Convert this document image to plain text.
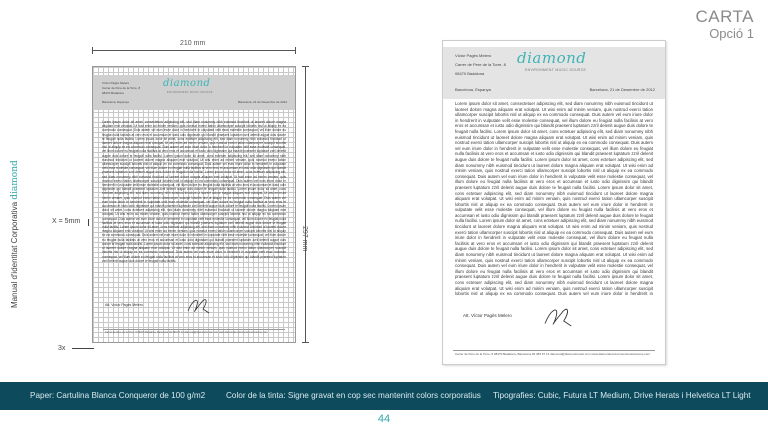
CARTA
Opció 1
Manual d'identitat Corporativa diamond
210 mm
297 mm
X = 5mm
3x
Víctor Pagès Melero
Carrer de Pere de la Torre, 8
08470 Badalona
Barcelona, Espanya
diamond
ENVIRONMENT MUSIC SOURCE
Barcelona, 21 de Desembre de 2012
Lorem ipsum dolor sit amet, consectetuer adipiscing elit, sed diam nonummy nibh euismod tincidunt ut laoreet dolore magna aliquam erat volutpat. Ut wisi enim ad minim veniam, quis nostrud exerci tation ullamcorper suscipit lobortis nisl ut aliquip ex ea commodo consequat. Duis autem vel eum iriure dolor in hendrerit in vulputate velit esse molestie consequat, vel illum dolore eu feugiat nulla facilisis at vero eros et accumsan et iusto odio dignissim qui blandit praesent luptatum zzril delenit augue duis dolore te feugait nulla facilisi. Lorem ipsum dolor sit amet, cons ectetuer adipiscing elit, sed diam nonummy nibh euismod tincidunt ut laoreet dolore magna aliquam erat volutpat. Ut wisi enim ad minim veniam, quis nostrud exerci tation ullamcorper suscipit lobortis nisl ut aliquip ex ea commodo consequat. Duis autem vel eum iriure dolor in hendrerit in vulputate velit esse molestie consequat, vel illum dolore eu feugiat nulla facilisis at vero eros et accumsan et iusto odio dignissim qui blandit praesent luptatum zzril delenit augue duis dolore te feugait nulla facilisi. Lorem ipsum dolor sit amet, cons ectetuer adipiscing elit, sed diam nonummy nibh euismod tincidunt ut laoreet dolore magna aliquam erat volutpat. Ut wisi enim ad minim veniam, quis nostrud exerci tation ullamcorper suscipit lobortis nisl ut aliquip ex ea commodo consequat. Duis autem vel eum iriure dolor in hendrerit in vulputate velit esse molestie consequat, vel illum dolore eu feugiat nulla facilisis at vero eros et accumsan et iusto odio dignissim qui blandit praesent luptatum zzril delenit augue duis dolore te feugait nulla facilisi. Lorem ipsum dolor sit amet, cons ectetuer adipiscing elit, sed diam nonummy nibh euismod tincidunt ut laoreet dolore magna aliquam erat volutpat. Ut wisi enim ad minim veniam, quis nostrud exerci tation ullamcorper suscipit lobortis nisl ut aliquip ex ea commodo consequat. Duis autem vel eum iriure dolor in hendrerit in vulputate velit esse molestie consequat, vel illum dolore eu feugiat nulla facilisis at vero eros et accumsan et iusto odio dignissim qui blandit praesent luptatum zzril delenit augue duis dolore te feugait nulla facilisi. Lorem ipsum dolor sit amet, cons ectetuer adipiscing elit, sed diam nonummy nibh euismod tincidunt ut laoreet dolore magna aliquam erat volutpat. Ut wisi enim ad minim veniam, quis nostrud exerci tation ullamcorper suscipit lobortis nisl ut aliquip ex ea commodo consequat. Duis autem vel eum iriure dolor in hendrerit in vulputate velit esse molestie consequat, vel illum dolore eu feugiat nulla facilisis at vero eros et accumsan et iusto odio dignissim qui blandit praesent luptatum zzril delenit augue duis dolore te feugait nulla facilisi. Lorem ipsum dolor sit amet, cons ectetuer adipiscing elit, sed diam nonummy nibh euismod tincidunt ut laoreet dolore magna aliquam erat volutpat. Ut wisi enim ad minim veniam, quis nostrud exerci tation ullamcorper suscipit lobortis nisl ut aliquip ex ea commodo consequat. Duis autem vel eum iriure dolor in hendrerit in vulputate velit esse molestie consequat, vel illum dolore eu feugiat nulla facilisis at vero eros et accumsan et iusto odio dignissim qui blandit praesent luptatum zzril delenit augue duis dolore te feugait nulla facilisi. Lorem ipsum dolor sit amet, cons ectetuer adipiscing elit, sed diam nonummy nibh euismod tincidunt ut laoreet dolore magna aliquam erat volutpat. Ut wisi enim ad minim veniam, quis nostrud exerci tation ullamcorper suscipit lobortis nisl ut aliquip ex ea commodo consequat. Duis autem vel eum iriure dolor in hendrerit in vulputate velit esse molestie consequat, vel illum dolore eu feugiat nulla facilisis at vero eros et accumsan et iusto odio dignissim qui blandit praesent luptatum zzril delenit augue duis dolore te feugait nulla facilisi. Lorem ipsum dolor sit amet, cons ectetuer adipiscing elit, sed diam nonummy nibh euismod tincidunt ut laoreet dolore magna aliquam erat volutpat. Ut wisi enim ad minim veniam, quis nostrud exerci tation ullamcorper suscipit lobortis nisl ut aliquip ex ea commodo consequat. Duis autem vel eum iriure dolor in hendrerit in vulputate velit esse molestie consequat, vel illum dolore eu feugiat nulla facilisis at vero eros et accumsan et iusto odio dignissim qui blandit praesent luptatum zzril delenit augue duis dolore te feugait nulla facilisi.
Att. Víctor Pagès Melero
Carrer de Pere de la Torre, 8 08470 Badalona, Barcelona 93 383 57 12 diamond@diamondmusic.com www.diamondenvironmentmusicsource.com
Víctor Pagès Melero
Carrer de Pere de la Torre, 8
08470 Badalona
Barcelona, Espanya
diamond
ENVIRONMENT MUSIC SOURCE
Barcelona, 21 de Desembre de 2012
Lorem ipsum dolor sit amet, consectetuer adipiscing elit, sed diam nonummy nibh euismod tincidunt ut laoreet dolore magna aliquam erat volutpat. Ut wisi enim ad minim veniam, quis nostrud exerci tation ullamcorper suscipit lobortis nisl ut aliquip ex ea commodo consequat. Duis autem vel eum iriure dolor in hendrerit in vulputate velit esse molestie consequat, vel illum dolore eu feugiat nulla facilisis at vero eros et accumsan et iusto odio dignissim qui blandit praesent luptatum zzril delenit augue duis dolore te feugait nulla facilisi. Lorem ipsum dolor sit amet, cons ectetuer adipiscing elit, sed diam nonummy nibh euismod tincidunt ut laoreet dolore magna aliquam erat volutpat. Ut wisi enim ad minim veniam, quis nostrud exerci tation ullamcorper suscipit lobortis nisl ut aliquip ex ea commodo consequat. Duis autem vel eum iriure dolor in hendrerit in vulputate velit esse molestie consequat, vel illum dolore eu feugiat nulla facilisis at vero eros et accumsan et iusto odio dignissim qui blandit praesent luptatum zzril delenit augue duis dolore te feugait nulla facilisi. Lorem ipsum dolor sit amet, cons ectetuer adipiscing elit, sed diam nonummy nibh euismod tincidunt ut laoreet dolore magna aliquam erat volutpat. Ut wisi enim ad minim veniam, quis nostrud exerci tation ullamcorper suscipit lobortis nisl ut aliquip ex ea commodo consequat. Duis autem vel eum iriure dolor in hendrerit in vulputate velit esse molestie consequat, vel illum dolore eu feugiat nulla facilisis at vero eros et accumsan et iusto odio dignissim qui blandit praesent luptatum zzril delenit augue duis dolore te feugait nulla facilisi. Lorem ipsum dolor sit amet, cons ectetuer adipiscing elit, sed diam nonummy nibh euismod tincidunt ut laoreet dolore magna aliquam erat volutpat. Ut wisi enim ad minim veniam, quis nostrud exerci tation ullamcorper suscipit lobortis nisl ut aliquip ex ea commodo consequat. Duis autem vel eum iriure dolor in hendrerit in vulputate velit esse molestie consequat, vel illum dolore eu feugiat nulla facilisis at vero eros et accumsan et iusto odio dignissim qui blandit praesent luptatum zzril delenit augue duis dolore te feugait nulla facilisi. Lorem ipsum dolor sit amet, cons ectetuer adipiscing elit, sed diam nonummy nibh euismod tincidunt ut laoreet dolore magna aliquam erat volutpat. Ut wisi enim ad minim veniam, quis nostrud exerci tation ullamcorper suscipit lobortis nisl ut aliquip ex ea commodo consequat. Duis autem vel eum iriure dolor in hendrerit in vulputate velit esse molestie consequat, vel illum dolore eu feugiat nulla facilisis at vero eros et accumsan et iusto odio dignissim qui blandit praesent luptatum zzril delenit augue duis dolore te feugait nulla facilisi. Lorem ipsum dolor sit amet, cons ectetuer adipiscing elit, sed diam nonummy nibh euismod tincidunt ut laoreet dolore magna aliquam erat volutpat. Ut wisi enim ad minim veniam, quis nostrud exerci tation ullamcorper suscipit lobortis nisl ut aliquip ex ea commodo consequat. Duis autem vel eum iriure dolor in hendrerit in vulputate velit esse molestie consequat, vel illum dolore eu feugiat nulla facilisis at vero eros et accumsan et iusto odio dignissim qui blandit praesent luptatum zzril delenit augue duis dolore te feugait nulla facilisi. Lorem ipsum dolor sit amet, cons ectetuer adipiscing elit, sed diam nonummy nibh euismod tincidunt ut laoreet dolore magna aliquam erat volutpat. Ut wisi enim ad minim veniam, quis nostrud exerci tation ullamcorper suscipit lobortis nisl ut aliquip ex ea commodo consequat. Duis autem vel eum iriure dolor in hendrerit in
Att. Víctor Pagès Melero
Carrer de Pere de la Torre, 8 08470 Badalona, Barcelona 93 383 57 12 diamond@diamondmusic.com www.diamondenvironmentmusicsource.com
Paper: Cartulina Blanca Conqueror de 100 g/m2	Color de la tinta: Signe gravat en cop sec mantenint colors corporatius Tipografies: Cubic, Futura LT Medium, Drive Herats i Helvetica LT Light
44
